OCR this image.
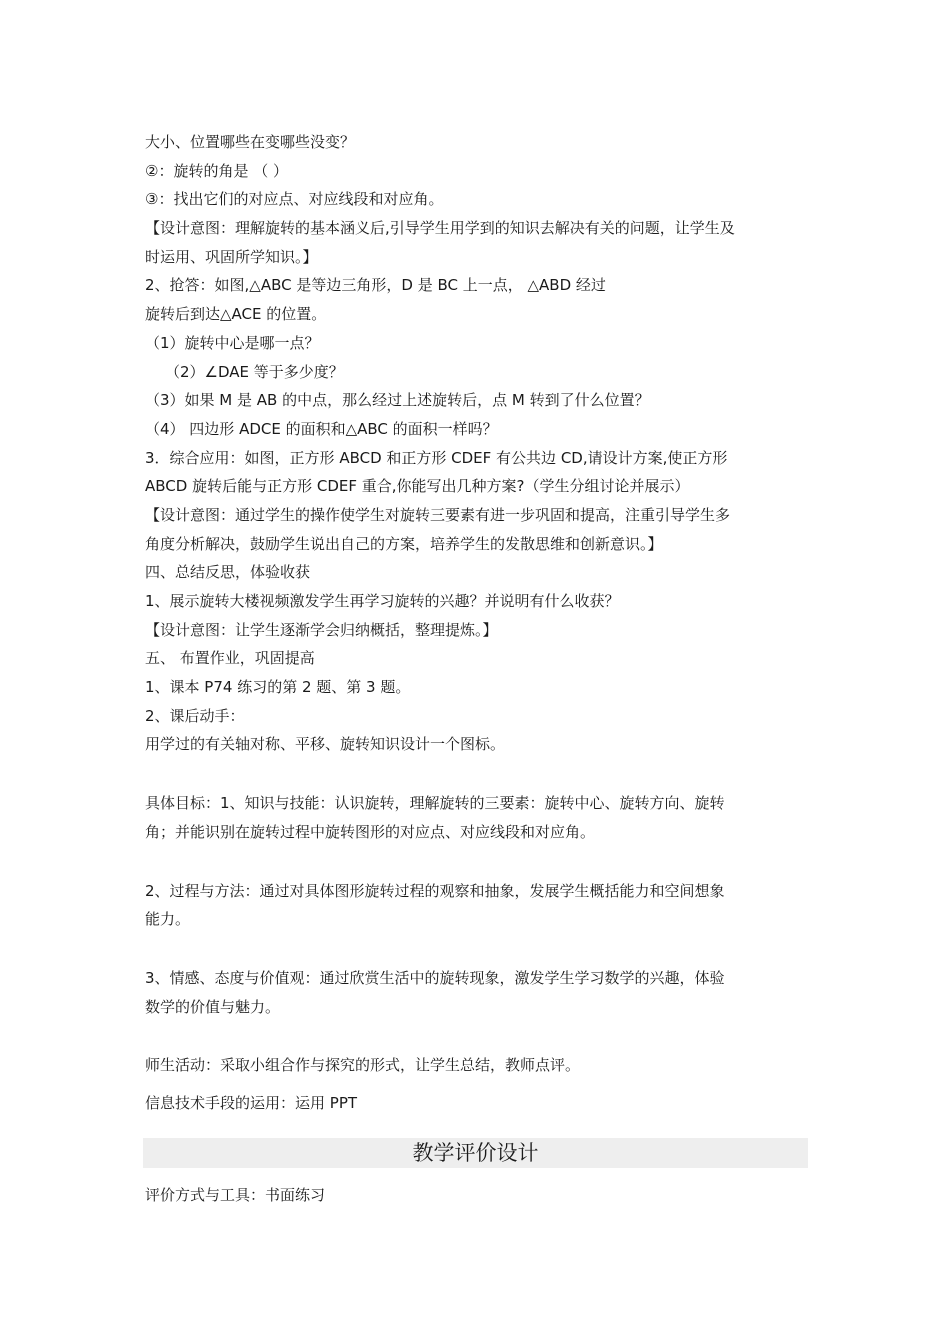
大小、位置哪些在变哪些没变？
②：旋转的角是 （ ）
③：找出它们的对应点、对应线段和对应角。
【设计意图：理解旋转的基本涵义后,引导学生用学到的知识去解决有关的问题，让学生及
时运用、巩固所学知识。】
2、抢答：如图,△ABC 是等边三角形，D 是 BC 上一点， △ABD 经过
旋转后到达△ACE 的位置。
（1）旋转中心是哪一点？
（2）∠DAE 等于多少度？
（3）如果 M 是 AB 的中点，那么经过上述旋转后，点 M 转到了什么位置？
（4） 四边形 ADCE 的面积和△ABC 的面积一样吗？
3．综合应用：如图，正方形 ABCD 和正方形 CDEF 有公共边 CD,请设计方案,使正方形
ABCD 旋转后能与正方形 CDEF 重合,你能写出几种方案?（学生分组讨论并展示）
【设计意图：通过学生的操作使学生对旋转三要素有进一步巩固和提高，注重引导学生多
角度分析解决，鼓励学生说出自己的方案，培养学生的发散思维和创新意识。】
四、总结反思，体验收获
1、展示旋转大楼视频激发学生再学习旋转的兴趣？并说明有什么收获？
【设计意图：让学生逐渐学会归纳概括，整理提炼。】
五、 布置作业，巩固提高
1、课本 P74 练习的第 2 题、第 3 题。
2、课后动手：
用学过的有关轴对称、平移、旋转知识设计一个图标。
具体目标：1、知识与技能：认识旋转，理解旋转的三要素：旋转中心、旋转方向、旋转
角；并能识别在旋转过程中旋转图形的对应点、对应线段和对应角。
2、过程与方法：通过对具体图形旋转过程的观察和抽象，发展学生概括能力和空间想象
能力。
3、情感、态度与价值观：通过欣赏生活中的旋转现象，激发学生学习数学的兴趣，体验
数学的价值与魅力。
师生活动：采取小组合作与探究的形式，让学生总结，教师点评。
信息技术手段的运用：运用 PPT
教学评价设计
评价方式与工具：书面练习
